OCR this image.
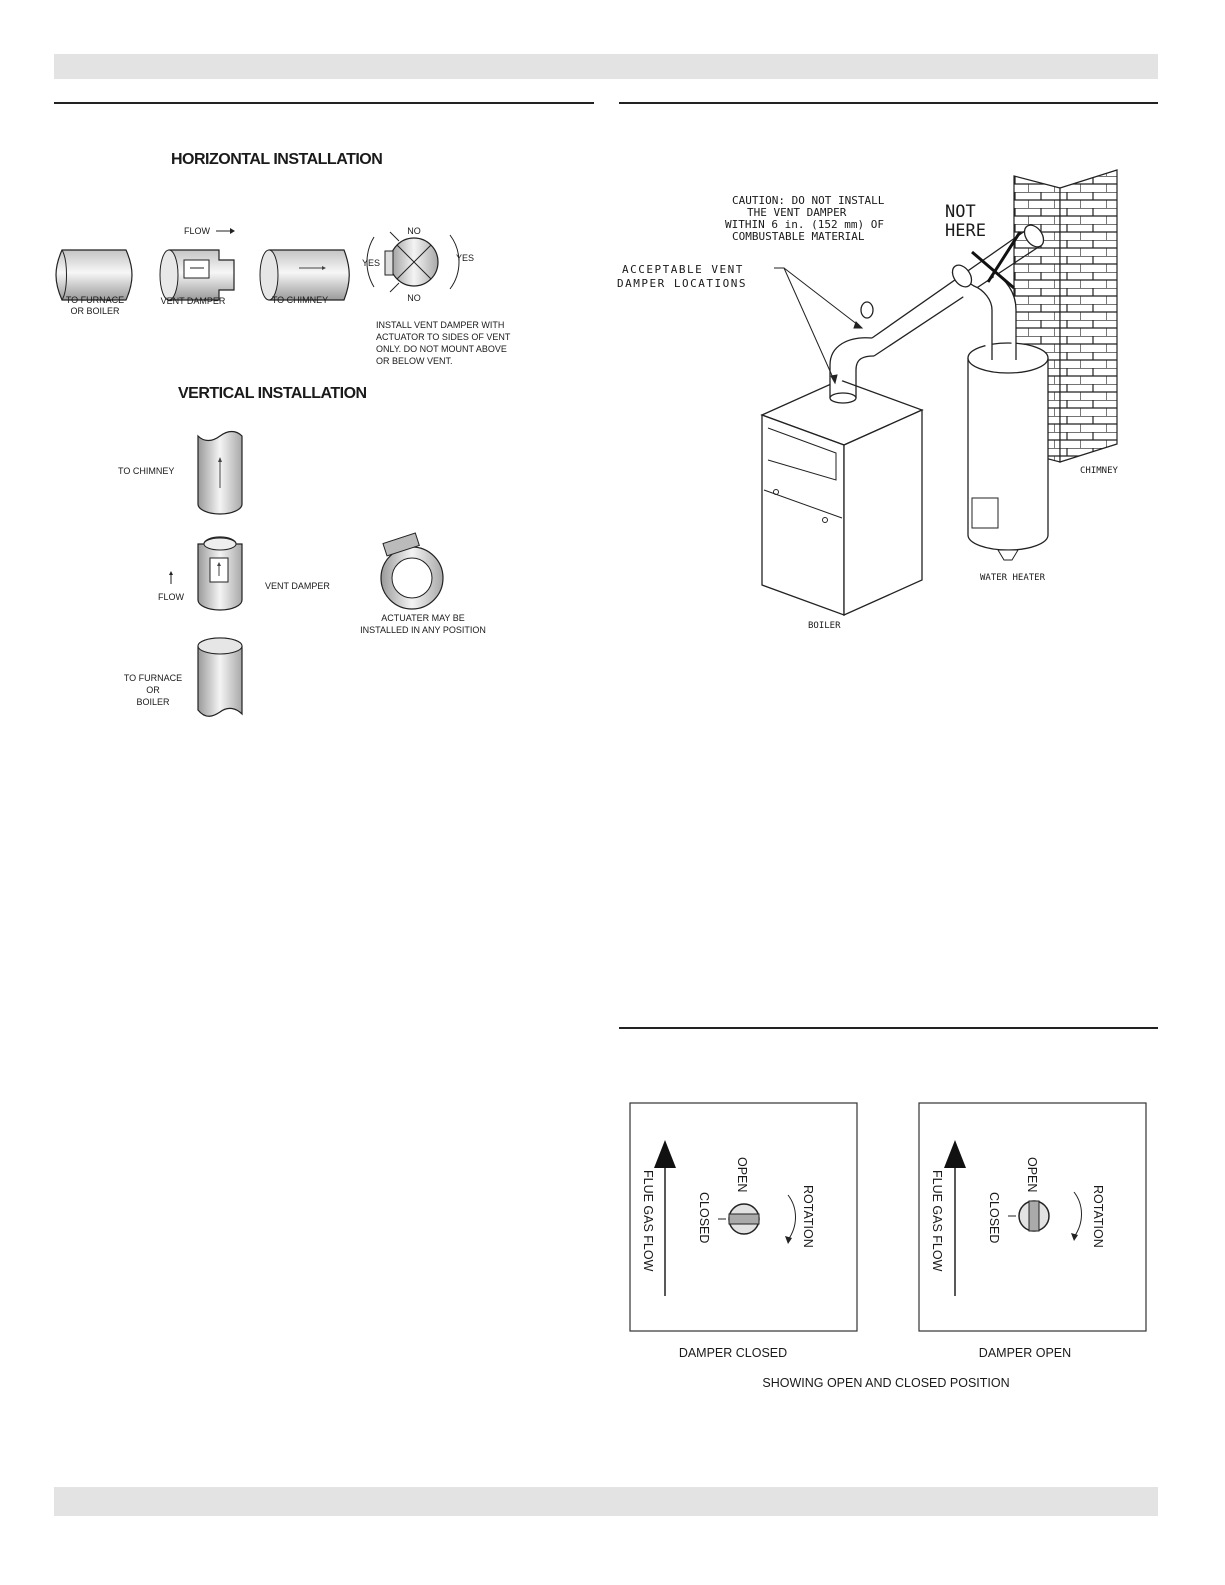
HORIZONTAL INSTALLATION
TO FURNACE
OR BOILER
FLOW
VENT DAMPER	TO CHIMNEY
NO
NO
YES	YES
INSTALL VENT DAMPER WITH
ACTUATOR TO SIDES OF VENT
ONLY. DO NOT MOUNT ABOVE
OR BELOW VENT.
VERTICAL INSTALLATION
TO CHIMNEY
FLOW
VENT DAMPER
ACTUATER MAY BE
INSTALLED IN ANY POSITION
TO FURNACE
OR
BOILER
NOT
HERE
CAUTION: DO NOT INSTALL
THE VENT DAMPER
WITHIN 6 in. (152 mm) OF
COMBUSTABLE MATERIAL
ACCEPTABLE VENT
DAMPER LOCATIONS
CHIMNEY
WATER HEATER
BOILER
FLUE GAS FLOW	OPEN
CLOSED	ROTATION
DAMPER CLOSED
FLUE GAS FLOW	OPEN
CLOSED	ROTATION
DAMPER OPEN
SHOWING OPEN AND CLOSED POSITION
